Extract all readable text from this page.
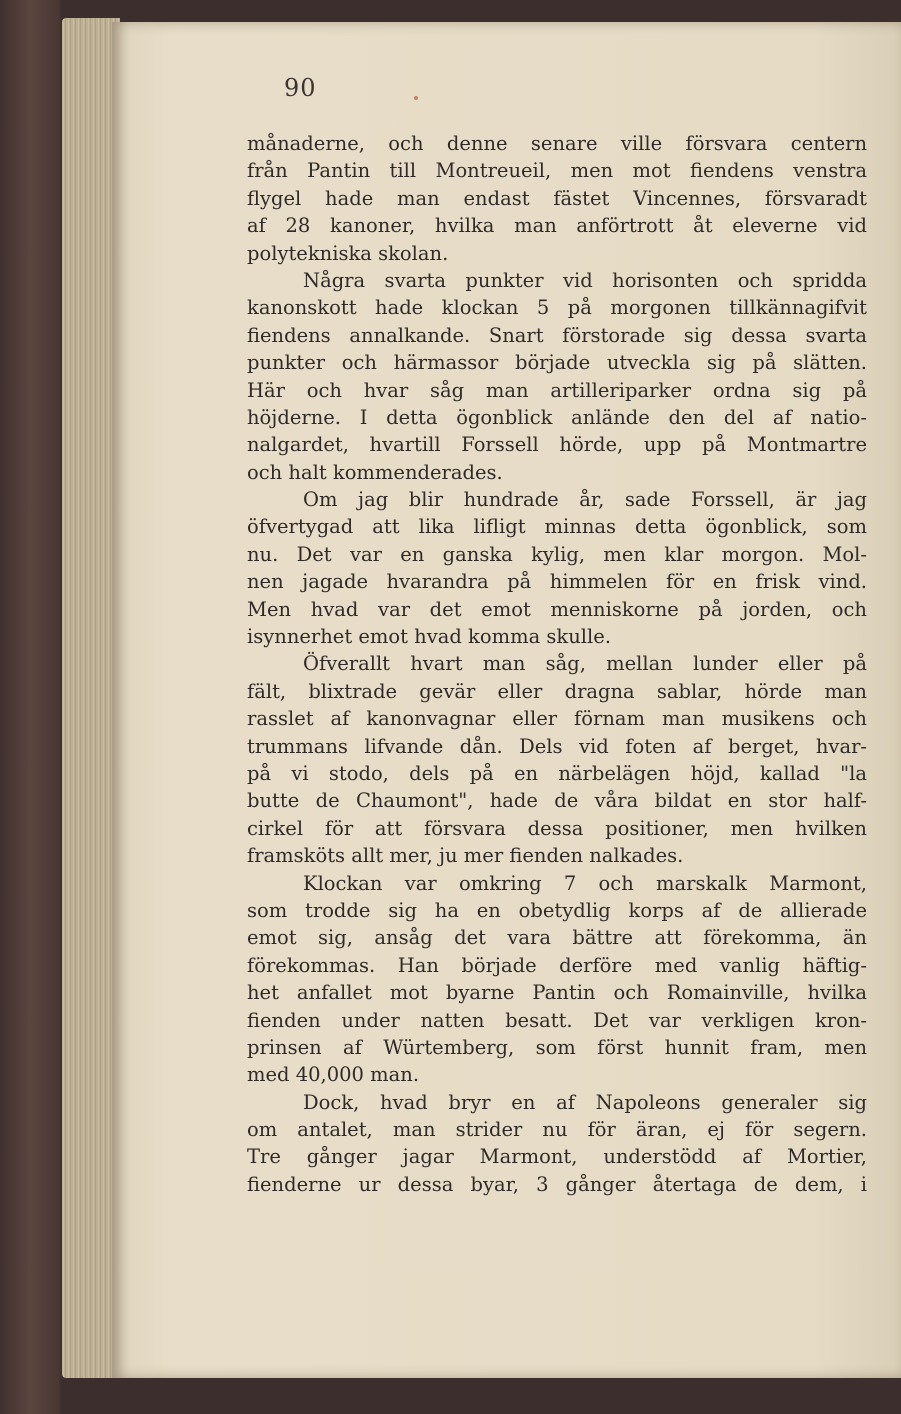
90
månaderne, och denne senare ville försvara centern
från Pantin till Montreueil, men mot fiendens venstra
flygel hade man endast fästet Vincennes, försvaradt
af 28 kanoner, hvilka man anförtrott åt eleverne vid
polytekniska skolan.
Några svarta punkter vid horisonten och spridda
kanonskott hade klockan 5 på morgonen tillkännagifvit
fiendens annalkande. Snart förstorade sig dessa svarta
punkter och härmassor började utveckla sig på slätten.
Här och hvar såg man artilleriparker ordna sig på
höjderne. I detta ögonblick anlände den del af natio-
nalgardet, hvartill Forssell hörde, upp på Montmartre
och halt kommenderades.
Om jag blir hundrade år, sade Forssell, är jag
öfvertygad att lika lifligt minnas detta ögonblick, som
nu. Det var en ganska kylig, men klar morgon. Mol-
nen jagade hvarandra på himmelen för en frisk vind.
Men hvad var det emot menniskorne på jorden, och
isynnerhet emot hvad komma skulle.
Öfverallt hvart man såg, mellan lunder eller på
fält, blixtrade gevär eller dragna sablar, hörde man
rasslet af kanonvagnar eller förnam man musikens och
trummans lifvande dån. Dels vid foten af berget, hvar-
på vi stodo, dels på en närbelägen höjd, kallad "la
butte de Chaumont", hade de våra bildat en stor half-
cirkel för att försvara dessa positioner, men hvilken
framsköts allt mer, ju mer fienden nalkades.
Klockan var omkring 7 och marskalk Marmont,
som trodde sig ha en obetydlig korps af de allierade
emot sig, ansåg det vara bättre att förekomma, än
förekommas. Han började derföre med vanlig häftig-
het anfallet mot byarne Pantin och Romainville, hvilka
fienden under natten besatt. Det var verkligen kron-
prinsen af Würtemberg, som först hunnit fram, men
med 40,000 man.
Dock, hvad bryr en af Napoleons generaler sig
om antalet, man strider nu för äran, ej för segern.
Tre gånger jagar Marmont, understödd af Mortier,
fienderne ur dessa byar, 3 gånger återtaga de dem, i
